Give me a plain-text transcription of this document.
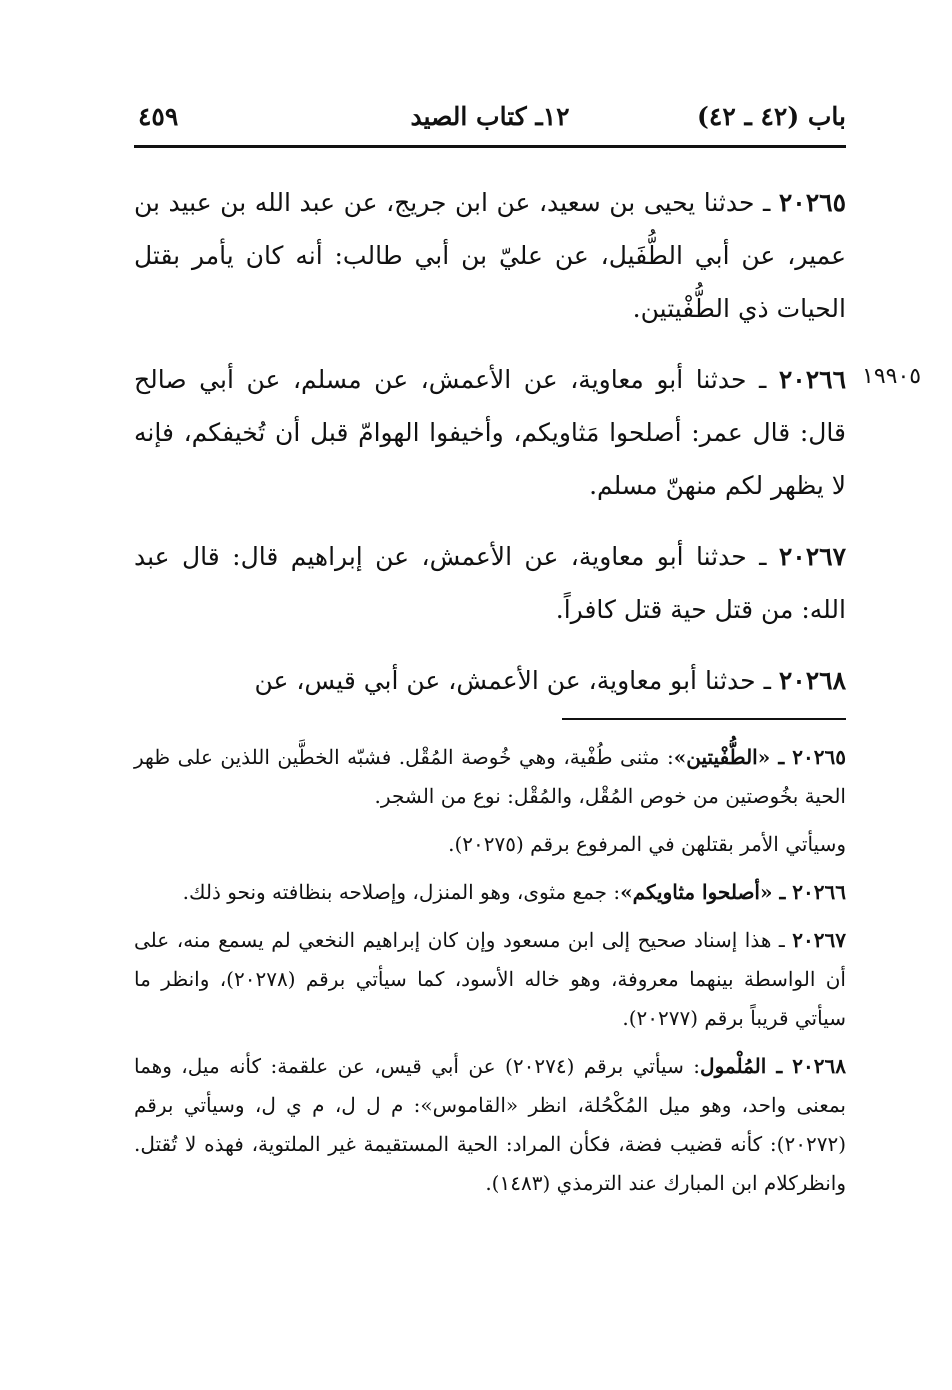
باب (٤٢ ـ ٤٢)
١٢ـ كتاب الصيد
٤٥٩
١٩٩٠٥

٢٠٢٦٥ ـ حدثنا يحيى بن سعيد، عن ابن جريج، عن عبد الله بن عبيد بن عمير، عن أبي الطُّفَيل، عن عليّ بن أبي طالب: أنه كان يأمر بقتل الحيات ذي الطُّفْيتين.

٢٠٢٦٦ ـ حدثنا أبو معاوية، عن الأعمش، عن مسلم، عن أبي صالح قال: قال عمر: أصلحوا مَثاويكم، وأخيفوا الهوامّ قبل أن تُخيفكم، فإنه لا يظهر لكم منهنّ مسلم.

٢٠٢٦٧ ـ حدثنا أبو معاوية، عن الأعمش، عن إبراهيم قال: قال عبد الله: من قتل حية قتل كافراً.

٢٠٢٦٨ ـ حدثنا أبو معاوية، عن الأعمش، عن أبي قيس، عن

٢٠٢٦٥ ـ «الطُّفْيتين»: مثنى طُفْية، وهي خُوصة المُقْل. فشبّه الخطَّين اللذين على ظهر الحية بخُوصتين من خوص المُقْل، والمُقْل: نوع من الشجر.

وسيأتي الأمر بقتلهن في المرفوع برقم (٢٠٢٧٥).

٢٠٢٦٦ ـ «أصلحوا مثاويكم»: جمع مثوى، وهو المنزل، وإصلاحه بنظافته ونحو ذلك.

٢٠٢٦٧ ـ هذا إسناد صحيح إلى ابن مسعود وإن كان إبراهيم النخعي لم يسمع منه، على أن الواسطة بينهما معروفة، وهو خاله الأسود، كما سيأتي برقم (٢٠٢٧٨)، وانظر ما سيأتي قريباً برقم (٢٠٢٧٧).

٢٠٢٦٨ ـ المُلْمول: سيأتي برقم (٢٠٢٧٤) عن أبي قيس، عن علقمة: كأنه ميل، وهما بمعنى واحد، وهو ميل المُكْحُلة، انظر «القاموس»: م ل ل، م ي ل، وسيأتي برقم (٢٠٢٧٢): كأنه قضيب فضة، فكأن المراد: الحية المستقيمة غير الملتوية، فهذه لا تُقتل. وانظركلام ابن المبارك عند الترمذي (١٤٨٣).
